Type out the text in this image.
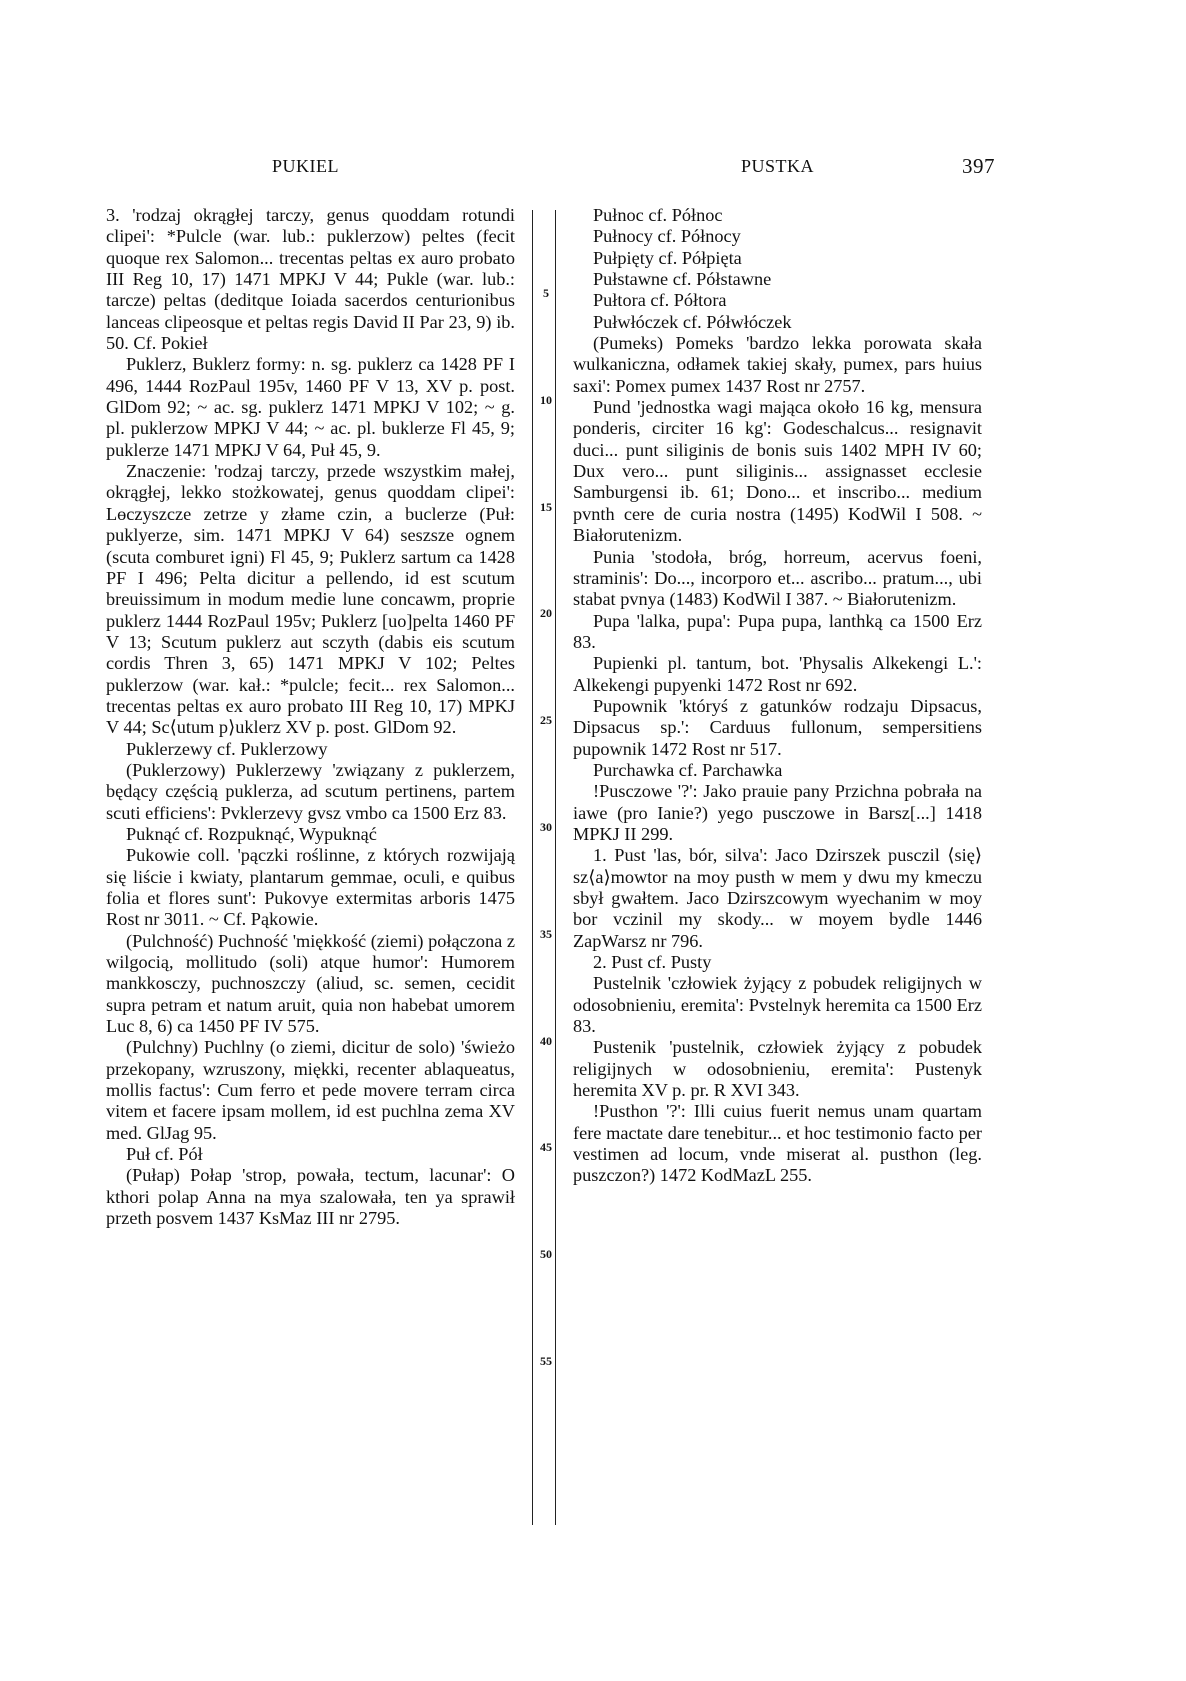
PUKIEL	PUSTKA	397
5
10
15
20
25
30
35
40
45
50
55

3. 'rodzaj okrągłej tarczy, genus quoddam rotundi clipei': *Pulcle (war. lub.: puklerzow) peltes (fecit quoque rex Salomon... trecentas peltas ex auro probato III Reg 10, 17) 1471 MPKJ V 44; Pukle (war. lub.: tarcze) peltas (deditque Ioiada sacerdos centurionibus lanceas clipeosque et peltas regis David II Par 23, 9) ib. 50. Cf. Pokieł

Puklerz, Buklerz formy: n. sg. puklerz ca 1428 PF I 496, 1444 RozPaul 195v, 1460 PF V 13, XV p. post. GlDom 92; ~ ac. sg. puklerz 1471 MPKJ V 102; ~ g. pl. puklerzow MPKJ V 44; ~ ac. pl. buklerze Fl 45, 9; puklerze 1471 MPKJ V 64, Puł 45, 9.

Znaczenie: 'rodzaj tarczy, przede wszystkim małej, okrągłej, lekko stożkowatej, genus quoddam clipei': Lɵczyszcze zetrze y złame czin, a buclerze (Puł: puklyerze, sim. 1471 MPKJ V 64) seszsze ognem (scuta comburet igni) Fl 45, 9; Puklerz sartum ca 1428 PF I 496; Pelta dicitur a pellendo, id est scutum breuissimum in modum medie lune concawm, proprie puklerz 1444 RozPaul 195v; Puklerz [uo]pelta 1460 PF V 13; Scutum puklerz aut sczyth (dabis eis scutum cordis Thren 3, 65) 1471 MPKJ V 102; Peltes puklerzow (war. kał.: *pulcle; fecit... rex Salomon... trecentas peltas ex auro probato III Reg 10, 17) MPKJ V 44; Sc⟨utum p⟩uklerz XV p. post. GlDom 92.

Puklerzewy cf. Puklerzowy

(Puklerzowy) Puklerzewy 'związany z puklerzem, będący częścią puklerza, ad scutum pertinens, partem scuti efficiens': Pvklerzevy gvsz vmbo ca 1500 Erz 83.

Puknąć cf. Rozpuknąć, Wypuknąć

Pukowie coll. 'pączki roślinne, z których rozwijają się liście i kwiaty, plantarum gemmae, oculi, e quibus folia et flores sunt': Pukovye extermitas arboris 1475 Rost nr 3011. ~ Cf. Pąkowie.

(Pulchność) Puchność 'miękkość (ziemi) połączona z wilgocią, mollitudo (soli) atque humor': Humorem mankkosczy, puchnoszczy (aliud, sc. semen, cecidit supra petram et natum aruit, quia non habebat umorem Luc 8, 6) ca 1450 PF IV 575.

(Pulchny) Puchlny (o ziemi, dicitur de solo) 'świeżo przekopany, wzruszony, miękki, recenter ablaqueatus, mollis factus': Cum ferro et pede movere terram circa vitem et facere ipsam mollem, id est puchlna zema XV med. GlJag 95.

Puł cf. Pół

(Pułap) Połap 'strop, powała, tectum, lacunar': O kthori polap Anna na mya szalowała, ten ya sprawił przeth posvem 1437 KsMaz III nr 2795.

Pułnoc cf. Północ

Pułnocy cf. Północy

Pułpięty cf. Półpięta

Pułstawne cf. Półstawne

Pułtora cf. Półtora

Pułwłóczek cf. Półwłóczek

(Pumeks) Pomeks 'bardzo lekka porowata skała wulkaniczna, odłamek takiej skały, pumex, pars huius saxi': Pomex pumex 1437 Rost nr 2757.

Pund 'jednostka wagi mająca około 16 kg, mensura ponderis, circiter 16 kg': Godeschalcus... resignavit duci... punt siliginis de bonis suis 1402 MPH IV 60; Dux vero... punt siliginis... assignasset ecclesie Samburgensi ib. 61; Dono... et inscribo... medium pvnth cere de curia nostra (1495) KodWil I 508. ~ Białorutenizm.

Punia 'stodoła, bróg, horreum, acervus foeni, straminis': Do..., incorporo et... ascribo... pratum..., ubi stabat pvnya (1483) KodWil I 387. ~ Białorutenizm.

Pupa 'lalka, pupa': Pupa pupa, lanthką ca 1500 Erz 83.

Pupienki pl. tantum, bot. 'Physalis Alkekengi L.': Alkekengi pupyenki 1472 Rost nr 692.

Pupownik 'któryś z gatunków rodzaju Dipsacus, Dipsacus sp.': Carduus fullonum, sempersitiens pupownik 1472 Rost nr 517.

Purchawka cf. Parchawka

!Pusczowe '?': Jako prauie pany Przichna pobrała na iawe (pro Ianie?) yego pusczowe in Barsz[...] 1418 MPKJ II 299.

1. Pust 'las, bór, silva': Jaco Dzirszek pusczil ⟨się⟩ sz⟨a⟩mowtor na moy pusth w mem y dwu my kmeczu sbył gwałtem. Jaco Dzirszcowym wyechanim w moy bor vczinil my skody... w moyem bydle 1446 ZapWarsz nr 796.

2. Pust cf. Pusty

Pustelnik 'człowiek żyjący z pobudek religijnych w odosobnieniu, eremita': Pvstelnyk heremita ca 1500 Erz 83.

Pustenik 'pustelnik, człowiek żyjący z pobudek religijnych w odosobnieniu, eremita': Pustenyk heremita XV p. pr. R XVI 343.

!Pusthon '?': Illi cuius fuerit nemus unam quartam fere mactate dare tenebitur... et hoc testimonio facto per vestimen ad locum, vnde miserat al. pusthon (leg. puszczon?) 1472 KodMazL 255.
